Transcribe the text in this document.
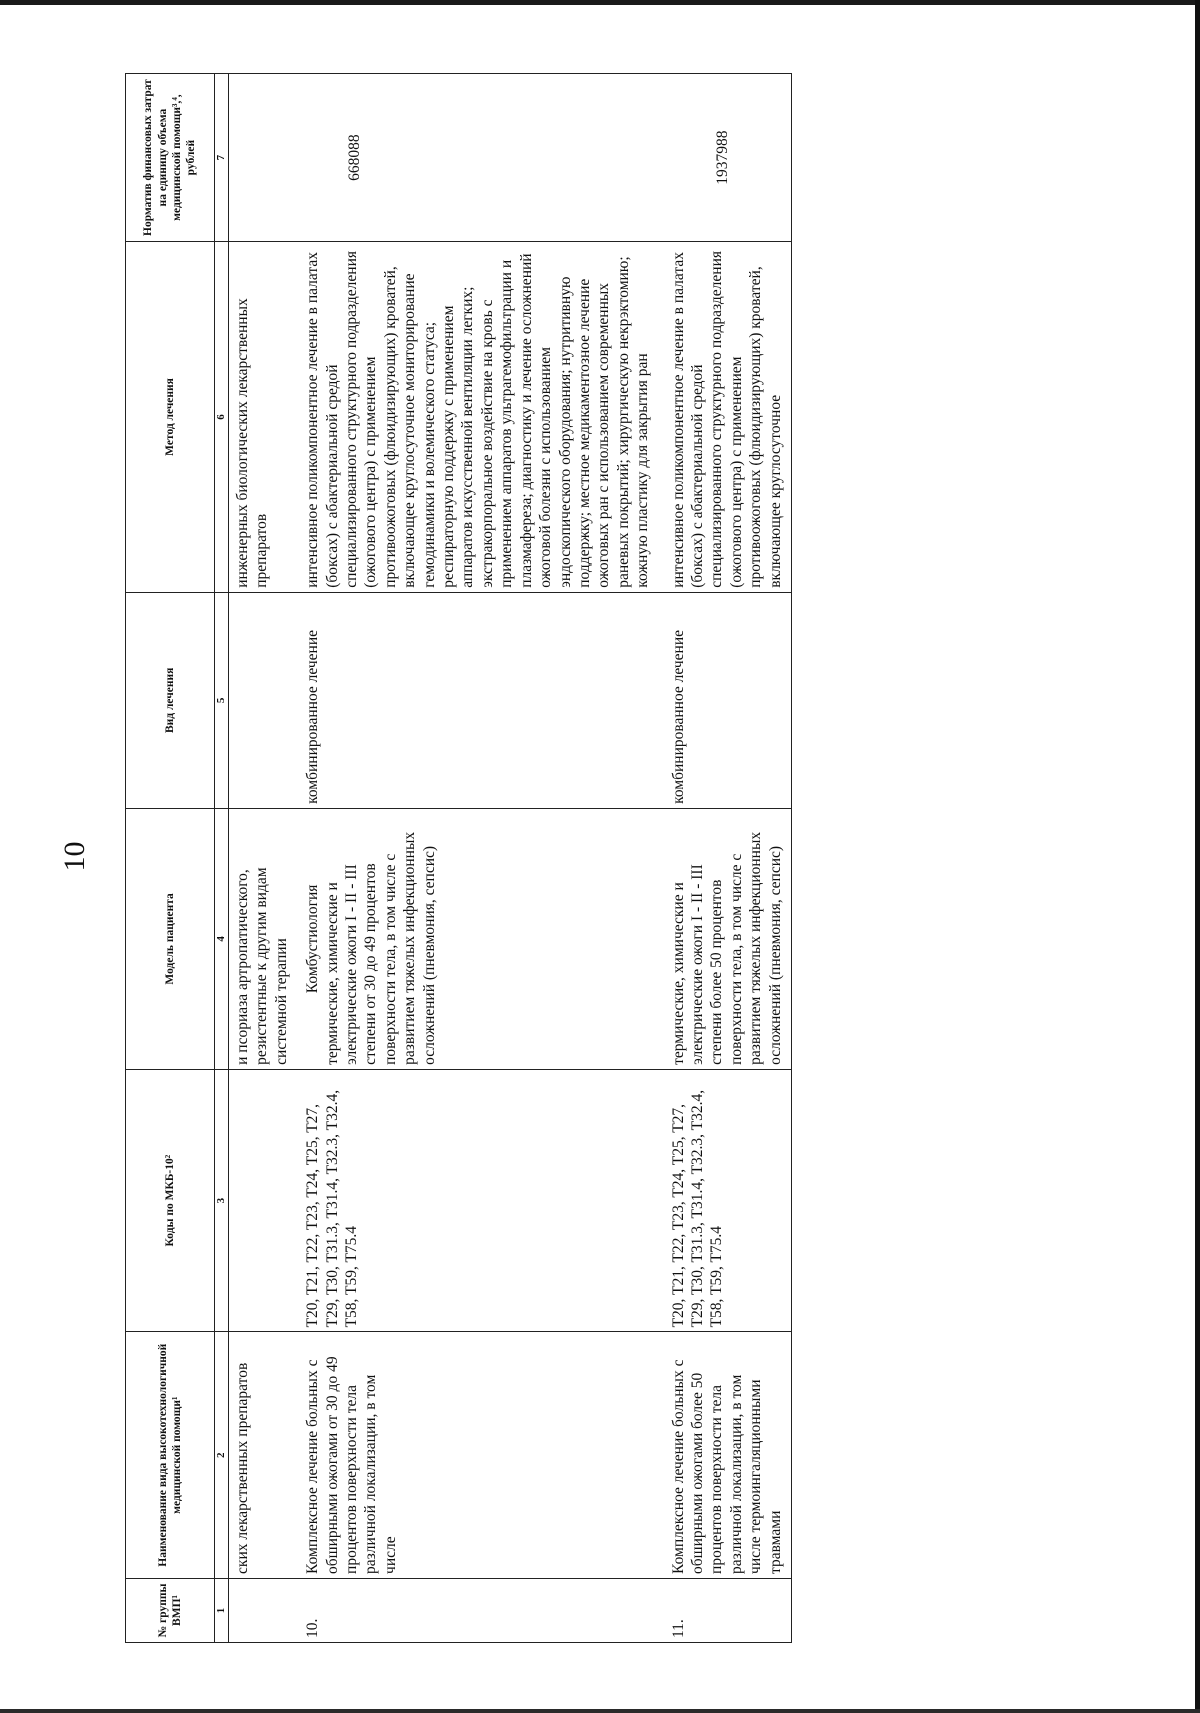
10
№ группы ВМП¹	Наименование вида высокотехнологичной медицинской помощи¹	Коды по МКБ-10²	Модель пациента	Вид лечения	Метод лечения	Норматив финансовых затрат на единицу объема медицинской помощи³,⁴, рублей
1	2	3	4	5	6	7
	ских лекарственных препаратов		и псориаза артропатического, резистентные к другим видам системной терапии		инженерных биологических лекарственных препаратов	

10.	Комплексное лечение больных с обширными ожогами от 30 до 49 процентов поверхности тела различной локализации, в том числе	T20, T21, T22, T23, T24, T25, T27, T29, T30, T31.3, T31.4, T32.3, T32.4, T58, T59, T75.4	Комбустиология термические, химические и электрические ожоги I - II - III степени от 30 до 49 процентов поверхности тела, в том числе с развитием тяжелых инфекционных осложнений (пневмония, сепсис)	комбинированное лечение	интенсивное поликомпонентное лечение в палатах (боксах) с абактериальной средой специализированного структурного подразделения (ожогового центра) с применением противоожоговых (флюидизирующих) кроватей, включающее круглосуточное мониторирование гемодинамики и волемического статуса; респираторную поддержку с применением аппаратов искусственной вентиляции легких; экстракорпоральное воздействие на кровь с применением аппаратов ультрагемофильтрации и плазмафереза; диагностику и лечение осложнений ожоговой болезни с использованием эндоскопического оборудования; нутритивную поддержку; местное медикаментозное лечение ожоговых ран с использованием современных раневых покрытий; хирургическую некрэктомию; кожную пластику для закрытия ран	668088

11.	Комплексное лечение больных с обширными ожогами более 50 процентов поверхности тела различной локализации, в том числе термоингаляционными травмами	T20, T21, T22, T23, T24, T25, T27, T29, T30, T31.3, T31.4, T32.3, T32.4, T58, T59, T75.4	термические, химические и электрические ожоги I - II - III степени более 50 процентов поверхности тела, в том числе с развитием тяжелых инфекционных осложнений (пневмония, сепсис)	комбинированное лечение	интенсивное поликомпонентное лечение в палатах (боксах) с абактериальной средой специализированного структурного подразделения (ожогового центра) с применением противоожоговых (флюидизирующих) кроватей, включающее круглосуточное	1937988
